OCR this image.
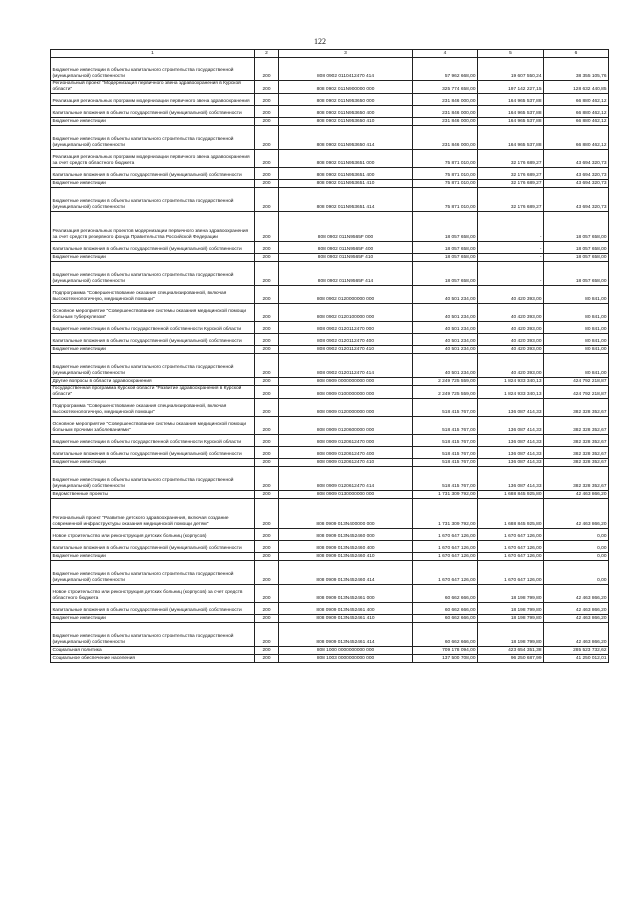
122
1	2	3	4	5	6
Бюджетные инвестиции в объекты капитального строительства государственной (муниципальной) собственности	200	808 0902 0110412470 414	57 962 668,00	19 607 550,24	38 355 105,76
Региональный проект "Модернизация первичного звена здравоохранения в Курской области"	200	808 0902 011N900000 000	325 774 658,00	197 142 227,15	128 632 440,85
Реализация региональных программ модернизации первичного звена здравоохранения	200	808 0902 011N953650 000	231 846 000,00	164 965 537,88	66 880 462,12
Капитальные вложения в объекты государственной (муниципальной) собственности	200	808 0902 011N953650 400	231 846 000,00	164 965 537,88	66 880 462,12
Бюджетные инвестиции	200	808 0902 011N953650 410	231 846 000,00	164 965 537,88	66 880 462,12
Бюджетные инвестиции в объекты капитального строительства государственной (муниципальной) собственности	200	808 0902 011N953650 414	231 846 000,00	164 965 537,88	66 880 462,12
Реализация региональных программ модернизации первичного звена здравоохранения за счет средств областного бюджета	200	808 0902 011N953651 000	75 871 010,00	32 176 689,27	43 694 320,73
Капитальные вложения в объекты государственной (муниципальной) собственности	200	808 0902 011N953651 400	75 871 010,00	32 176 689,27	43 694 320,73
Бюджетные инвестиции	200	808 0902 011N953651 410	75 871 010,00	32 176 689,27	43 694 320,73
Бюджетные инвестиции в объекты капитального строительства государственной (муниципальной) собственности	200	808 0902 011N953651 414	75 871 010,00	32 176 689,27	43 694 320,73
Реализация региональных проектов модернизации первичного звена здравоохранения за счет средств резервного фонда Правительства Российской Федерации	200	808 0902 011N9565F 000	18 057 658,00	-	18 057 658,00
Капитальные вложения в объекты государственной (муниципальной) собственности	200	808 0902 011N9565F 400	18 057 658,00	-	18 057 658,00
Бюджетные инвестиции	200	808 0902 011N9565F 410	18 057 658,00	-	18 057 658,00
Бюджетные инвестиции в объекты капитального строительства государственной (муниципальной) собственности	200	808 0902 011N9565F 414	18 057 658,00	-	18 057 658,00
Подпрограмма "Совершенствование оказания специализированной, включая высокотехнологичную, медицинской помощи"	200	808 0902 0120000000 000	40 501 234,00	40 420 393,00	80 841,00
Основное мероприятие "Совершенствование системы оказания медицинской помощи больным туберкулезом"	200	808 0902 0120100000 000	40 501 234,00	40 420 393,00	80 841,00
Бюджетные инвестиции в объекты государственной собственности Курской области	200	808 0902 0120112470 000	40 501 234,00	40 420 393,00	80 841,00
Капитальные вложения в объекты государственной (муниципальной) собственности	200	808 0902 0120112470 400	40 501 234,00	40 420 393,00	80 841,00
Бюджетные инвестиции	200	808 0902 0120112470 410	40 501 234,00	40 420 393,00	80 841,00
Бюджетные инвестиции в объекты капитального строительства государственной (муниципальной) собственности	200	808 0902 0120112470 414	40 501 234,00	40 420 393,00	80 841,00
Другие вопросы в области здравоохранения	200	808 0909 0000000000 000	2 249 725 559,00	1 824 933 340,13	424 792 218,87
Государственная программа Курской области "Развитие здравоохранения в Курской области"	200	808 0909 0100000000 000	2 249 725 559,00	1 824 933 340,13	424 792 218,87
Подпрограмма "Совершенствование оказания специализированной, включая высокотехнологичную, медицинской помощи"	200	808 0909 0120000000 000	518 415 767,00	136 087 414,33	382 328 352,67
Основное мероприятие "Совершенствование системы оказания медицинской помощи больным прочими заболеваниями"	200	808 0909 0120600000 000	518 415 767,00	136 087 414,33	382 328 352,67
Бюджетные инвестиции в объекты государственной собственности Курской области	200	808 0909 0120612470 000	518 415 767,00	136 087 414,33	382 328 352,67
Капитальные вложения в объекты государственной (муниципальной) собственности	200	808 0909 0120612470 400	518 415 767,00	136 087 414,33	382 328 352,67
Бюджетные инвестиции	200	808 0909 0120612470 410	518 415 767,00	136 087 414,33	382 328 352,67
Бюджетные инвестиции в объекты капитального строительства государственной (муниципальной) собственности	200	808 0909 0120612470 414	518 415 767,00	136 087 414,33	382 328 352,67
Ведомственные проекты	200	808 0909 0130000000 000	1 731 309 792,00	1 688 845 925,80	42 463 866,20
Региональный проект "Развитие детского здравоохранения, включая создание современной инфраструктуры оказания медицинской помощи детям"	200	808 0909 013N400000 000	1 731 309 792,00	1 688 845 925,80	42 463 866,20
Новое строительство или реконструкция детских больниц (корпусов)	200	808 0909 013N452460 000	1 670 647 126,00	1 670 647 126,00	0,00
Капитальные вложения в объекты государственной (муниципальной) собственности	200	808 0909 013N452460 400	1 670 647 126,00	1 670 647 126,00	0,00
Бюджетные инвестиции	200	808 0909 013N452460 410	1 670 647 126,00	1 670 647 126,00	0,00
Бюджетные инвестиции в объекты капитального строительства государственной (муниципальной) собственности	200	808 0909 013N452460 414	1 670 647 126,00	1 670 647 126,00	0,00
Новое строительство или реконструкция детских больниц (корпусов) за счет средств областного бюджета	200	808 0909 013N452461 000	60 662 666,00	18 198 799,80	42 463 866,20
Капитальные вложения в объекты государственной (муниципальной) собственности	200	808 0909 013N452461 400	60 662 666,00	18 198 799,80	42 463 866,20
Бюджетные инвестиции	200	808 0909 013N452461 410	60 662 666,00	18 198 799,80	42 463 866,20
Бюджетные инвестиции в объекты капитального строительства государственной (муниципальной) собственности	200	808 0909 013N452461 414	60 662 666,00	18 198 799,80	42 463 866,20
Социальная политика	200	808 1000 0000000000 000	709 178 094,00	423 654 351,38	285 523 732,62
Социальное обеспечение населения	200	808 1003 0000000000 000	137 500 708,00	96 250 687,99	41 250 012,01
